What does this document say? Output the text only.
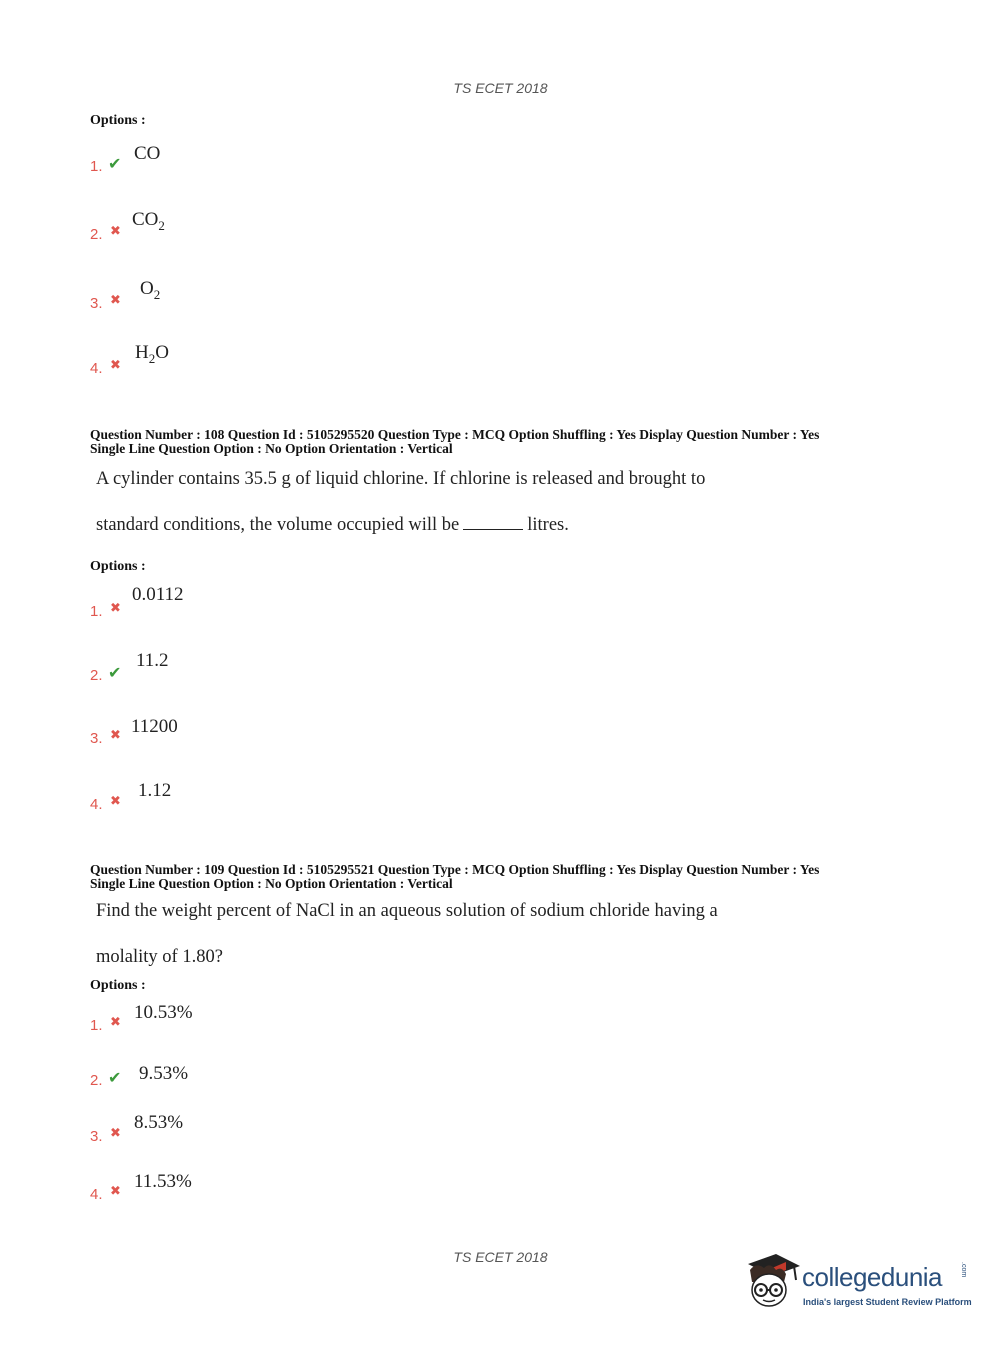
TS ECET 2018
Options :
1. ✔ CO
2. ✖
$CO_2$
3. ✖
$O_2$
4. ✖
$H_2O$
Question Number : 108 Question Id : 5105295520 Question Type : MCQ Option Shuffling : Yes Display Question Number : Yes
Single Line Question Option : No Option Orientation : Vertical
A cylinder contains 35.5 g of liquid chlorine. If chlorine is released and brought to
standard conditions, the volume occupied will be	litres.
Options :
1. ✖
0.0112
2. ✔
11.2
3. ✖ 11200
4. ✖
1.12
Question Number : 109 Question Id : 5105295521 Question Type : MCQ Option Shuffling : Yes Display Question Number : Yes
Single Line Question Option : No Option Orientation : Vertical
Find the weight percent of NaCl in an aqueous solution of sodium chloride having a
molality of 1.80?
Options :
1. ✖ 10.53%
2. ✔ 9.53%
3. ✖
8.53%
4. ✖ 11.53%
TS ECET 2018
collegedunia	.com
India's largest Student Review Platform
